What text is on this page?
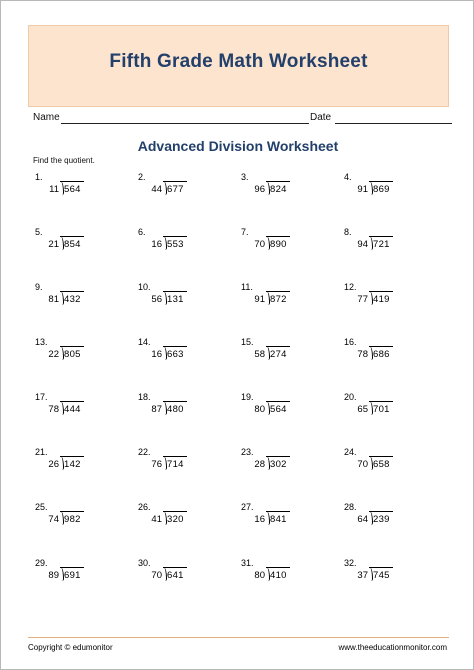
Fifth Grade Math Worksheet
Name	Date
Advanced Division Worksheet
Find the quotient.
1.
11 564
2.
44 677
3.
96 824
4.
91 869
5.
21 854
6.
16 553
7.
70 890
8.
94 721
9.
81 432
10.
56 131
11.
91 872
12.
77 419
13.
22 805
14.
16 663
15.
58 274
16.
78 686
17.
78 444
18.
87 480
19.
80 564
20.
65 701
21.
26 142
22.
76 714
23.
28 302
24.
70 658
25.
74 982
26.
41 320
27.
16 841
28.
64 239
29.
89 691
30.
70 641
31.
80 410
32.
37 745
Copyright © edumonitor	www.theeducationmonitor.com
